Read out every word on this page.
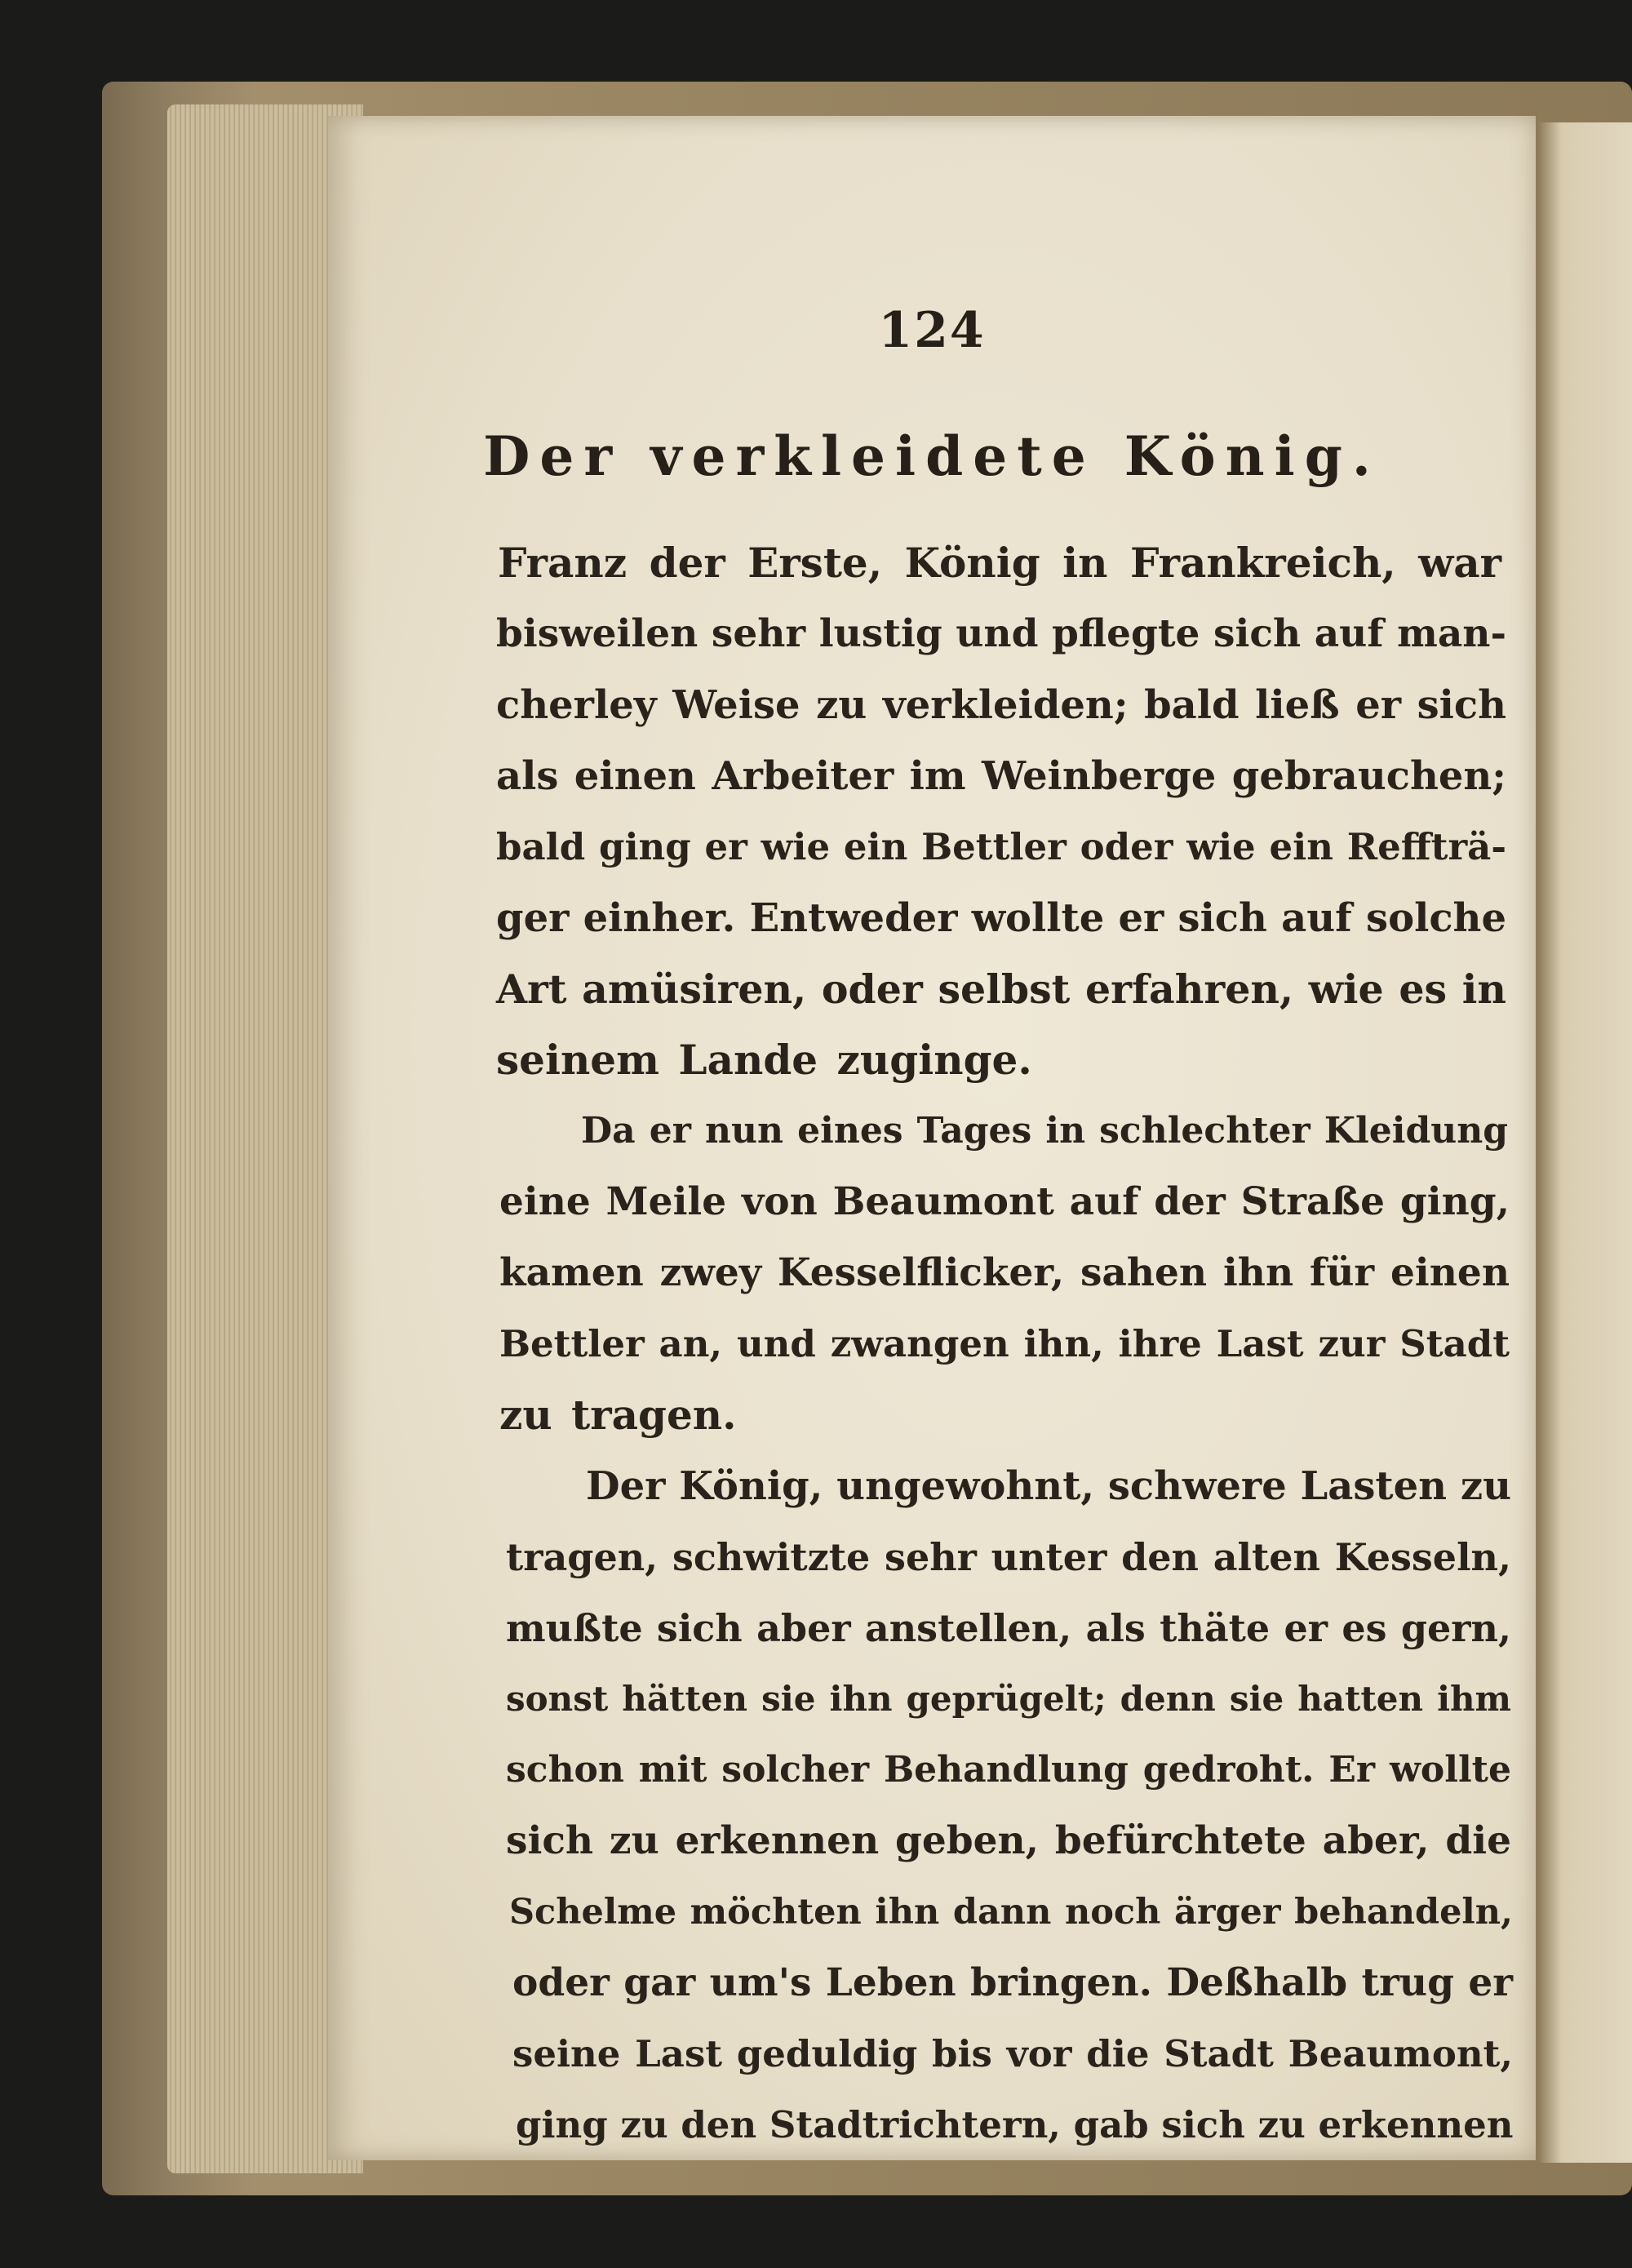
124
Der verkleidete König.
Franz der Erste, König in Frankreich, war
bisweilen sehr lustig und pflegte sich auf man-
cherley Weise zu verkleiden; bald ließ er sich
als einen Arbeiter im Weinberge gebrauchen;
bald ging er wie ein Bettler oder wie ein Reffträ-
ger einher. Entweder wollte er sich auf solche
Art amüsiren, oder selbst erfahren, wie es in
seinem Lande zuginge.
Da er nun eines Tages in schlechter Kleidung
eine Meile von Beaumont auf der Straße ging,
kamen zwey Kesselflicker, sahen ihn für einen
Bettler an, und zwangen ihn, ihre Last zur Stadt
zu tragen.
Der König, ungewohnt, schwere Lasten zu
tragen, schwitzte sehr unter den alten Kesseln,
mußte sich aber anstellen, als thäte er es gern,
sonst hätten sie ihn geprügelt; denn sie hatten ihm
schon mit solcher Behandlung gedroht. Er wollte
sich zu erkennen geben, befürchtete aber, die
Schelme möchten ihn dann noch ärger behandeln,
oder gar um's Leben bringen. Deßhalb trug er
seine Last geduldig bis vor die Stadt Beaumont,
ging zu den Stadtrichtern, gab sich zu erkennen
